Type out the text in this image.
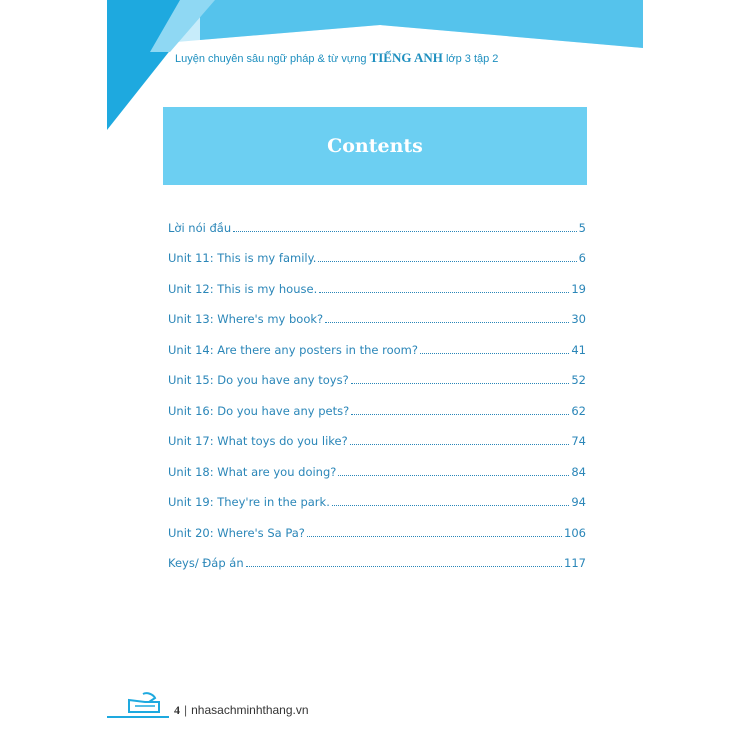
Luyện chuyên sâu ngữ pháp & từ vựng TIẾNG ANH lớp 3 tập 2
Contents
Lời nói đầu	5
Unit 11: This is my family.	6
Unit 12: This is my house.	19
Unit 13: Where's my book?	30
Unit 14: Are there any posters in the room?	41
Unit 15: Do you have any toys?	52
Unit 16: Do you have any pets?	62
Unit 17: What toys do you like?	74
Unit 18: What are you doing?	84
Unit 19: They're in the park.	94
Unit 20: Where's Sa Pa?	106
Keys/ Đáp án	117
4 | nhasachminhthang.vn
